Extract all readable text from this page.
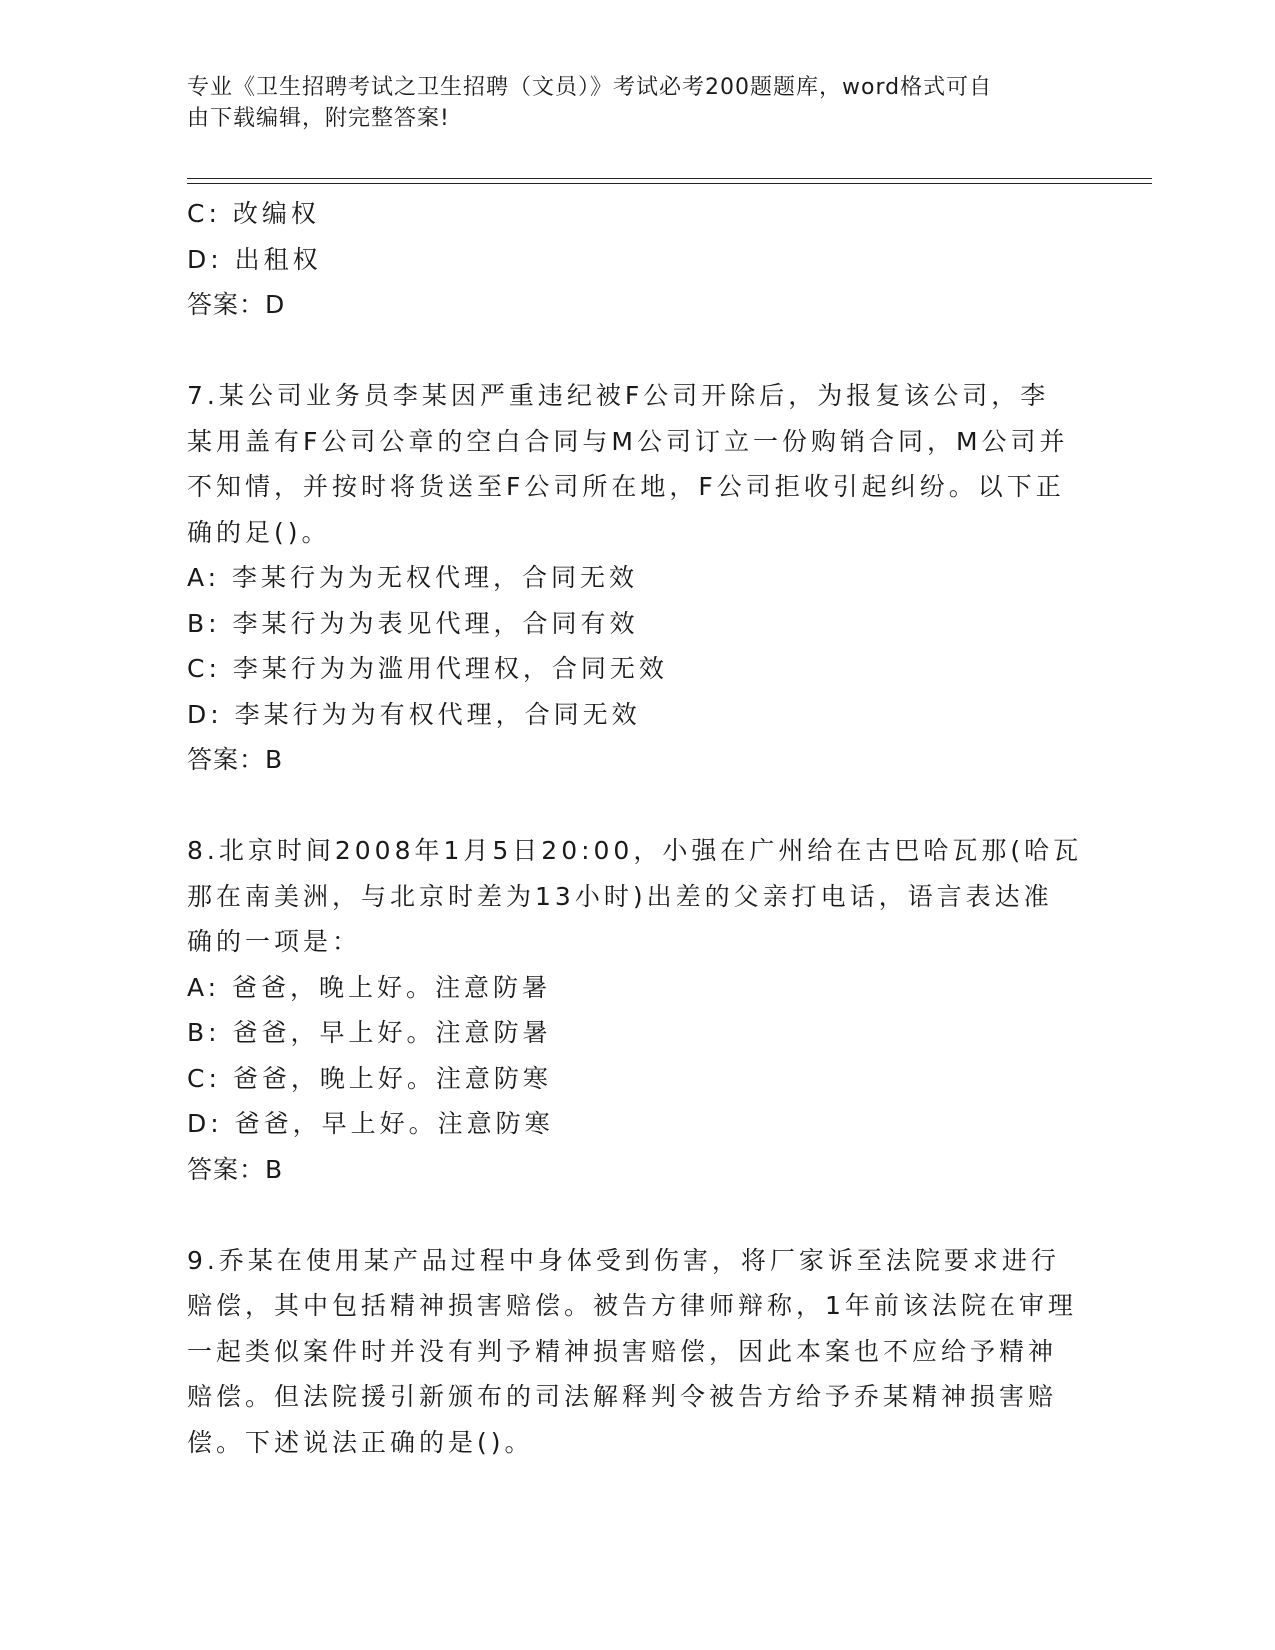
专业《卫生招聘考试之卫生招聘（文员）》考试必考200题题库，word格式可自

由下载编辑，附完整答案!

C: 改编权

D: 出租权

答案：D

7.某公司业务员李某因严重违纪被F公司开除后，为报复该公司，李

某用盖有F公司公章的空白合同与M公司订立一份购销合同，M公司并

不知情，并按时将货送至F公司所在地，F公司拒收引起纠纷。以下正

确的足()。

A: 李某行为为无权代理，合同无效

B: 李某行为为表见代理，合同有效

C: 李某行为为滥用代理权，合同无效

D: 李某行为为有权代理，合同无效

答案：B

8.北京时间2008年1月5日20:00，小强在广州给在古巴哈瓦那(哈瓦

那在南美洲，与北京时差为13小时)出差的父亲打电话，语言表达准

确的一项是：

A: 爸爸，晚上好。注意防暑

B: 爸爸，早上好。注意防暑

C: 爸爸，晚上好。注意防寒

D: 爸爸，早上好。注意防寒

答案：B

9.乔某在使用某产品过程中身体受到伤害，将厂家诉至法院要求进行

赔偿，其中包括精神损害赔偿。被告方律师辩称，1年前该法院在审理

一起类似案件时并没有判予精神损害赔偿，因此本案也不应给予精神

赔偿。但法院援引新颁布的司法解释判令被告方给予乔某精神损害赔

偿。下述说法正确的是()。
